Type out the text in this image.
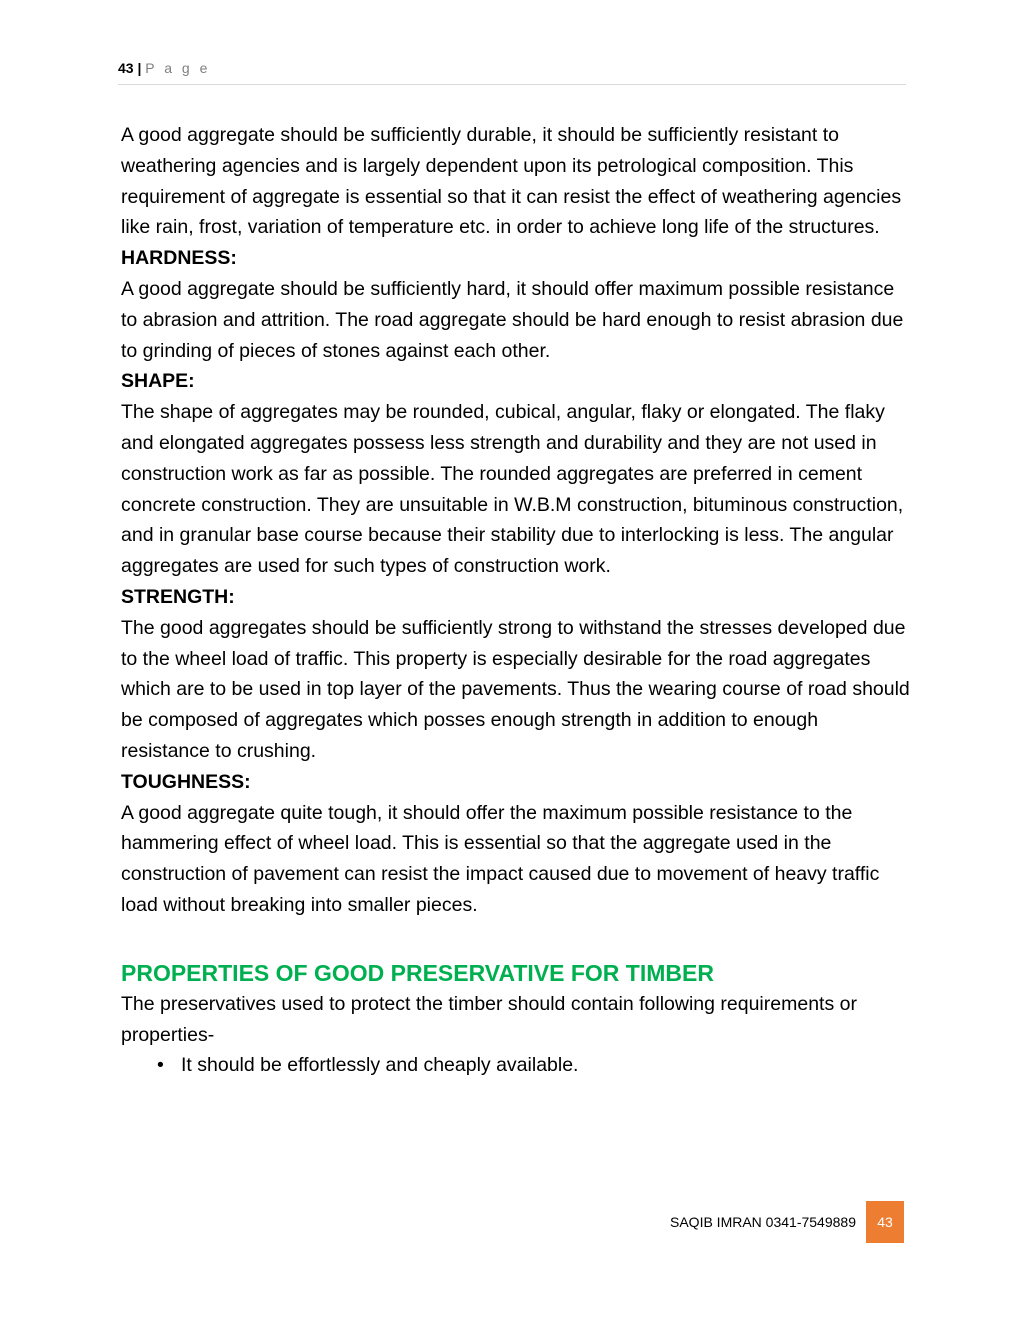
43 | P a g e

A good aggregate should be sufficiently durable, it should be sufficiently resistant to weathering agencies and is largely dependent upon its petrological composition. This requirement of aggregate is essential so that it can resist the effect of weathering agencies like rain, frost, variation of temperature etc. in order to achieve long life of the structures.

HARDNESS:

A good aggregate should be sufficiently hard, it should offer maximum possible resistance to abrasion and attrition. The road aggregate should be hard enough to resist abrasion due to grinding of pieces of stones against each other.

SHAPE:

The shape of aggregates may be rounded, cubical, angular, flaky or elongated. The flaky and elongated aggregates possess less strength and durability and they are not used in construction work as far as possible. The rounded aggregates are preferred in cement concrete construction. They are unsuitable in W.B.M construction, bituminous construction, and in granular base course because their stability due to interlocking is less. The angular aggregates are used for such types of construction work.

STRENGTH:

The good aggregates should be sufficiently strong to withstand the stresses developed due to the wheel load of traffic. This property is especially desirable for the road aggregates which are to be used in top layer of the pavements. Thus the wearing course of road should be composed of aggregates which posses enough strength in addition to enough resistance to crushing.

TOUGHNESS:

A good aggregate quite tough, it should offer the maximum possible resistance to the hammering effect of wheel load. This is essential so that the aggregate used in the construction of pavement can resist the impact caused due to movement of heavy traffic load without breaking into smaller pieces.

PROPERTIES OF GOOD PRESERVATIVE FOR TIMBER

The preservatives used to protect the timber should contain following requirements or properties-

• It should be effortlessly and cheaply available.
SAQIB IMRAN 0341-7549889 43
